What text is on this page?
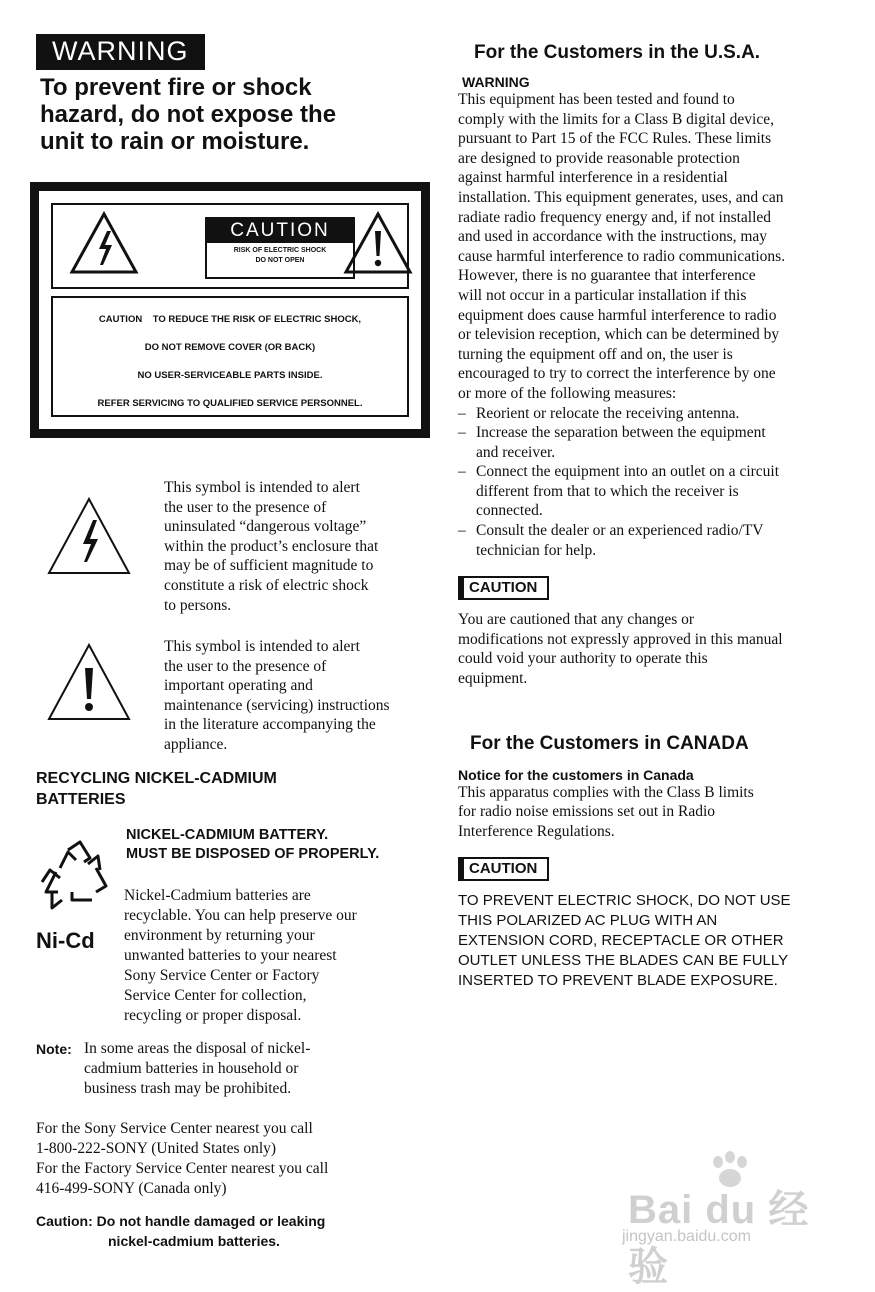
WARNING
To prevent fire or shock
hazard, do not expose the
unit to rain or moisture.
CAUTION
RISK OF ELECTRIC SHOCK
DO NOT OPEN
CAUTION    TO REDUCE THE RISK OF ELECTRIC SHOCK,
DO NOT REMOVE COVER (OR BACK)
NO USER-SERVICEABLE PARTS INSIDE.
REFER SERVICING TO QUALIFIED SERVICE PERSONNEL.
This symbol is intended to alert
the user to the presence of
uninsulated “dangerous voltage”
within the product’s enclosure that
may be of sufficient magnitude to
constitute a risk of electric shock
to persons.
This symbol is intended to alert
the user to the presence of
important operating and
maintenance (servicing) instructions
in the literature accompanying the
appliance.
RECYCLING NICKEL-CADMIUM
BATTERIES
NICKEL-CADMIUM BATTERY.
MUST BE DISPOSED OF PROPERLY.
Ni-Cd
Nickel-Cadmium batteries are
recyclable. You can help preserve our
environment by returning your
unwanted batteries to your nearest
Sony Service Center or Factory
Service Center for collection,
recycling or proper disposal.
Note: In some areas the disposal of nickel-
cadmium batteries in household or
business trash may be prohibited.
For the Sony Service Center nearest you call
1-800-222-SONY (United States only)
For the Factory Service Center nearest you call
416-499-SONY (Canada only)
Caution: Do not handle damaged or leaking
nickel-cadmium batteries.
For the Customers in the U.S.A.
WARNING
This equipment has been tested and found to
comply with the limits for a Class B digital device,
pursuant to Part 15 of the FCC Rules. These limits
are designed to provide reasonable protection
against harmful interference in a residential
installation. This equipment generates, uses, and can
radiate radio frequency energy and, if not installed
and used in accordance with the instructions, may
cause harmful interference to radio communications.
However, there is no guarantee that interference
will not occur in a particular installation if this
equipment does cause harmful interference to radio
or television reception, which can be determined by
turning the equipment off and on, the user is
encouraged to try to correct the interference by one
or more of the following measures:
– Reorient or relocate the receiving antenna.
– Increase the separation between the equipment
and receiver.
– Connect the equipment into an outlet on a circuit
different from that to which the receiver is
connected.
– Consult the dealer or an experienced radio/TV
technician for help.
CAUTION
You are cautioned that any changes or
modifications not expressly approved in this manual
could void your authority to operate this
equipment.
For the Customers in CANADA
Notice for the customers in Canada
This apparatus complies with the Class B limits
for radio noise emissions set out in Radio
Interference Regulations.
CAUTION
TO PREVENT ELECTRIC SHOCK, DO NOT USE
THIS POLARIZED AC PLUG WITH AN
EXTENSION CORD, RECEPTACLE OR OTHER
OUTLET UNLESS THE BLADES CAN BE FULLY
INSERTED TO PREVENT BLADE EXPOSURE.
Bai du 经验
jingyan.baidu.com
